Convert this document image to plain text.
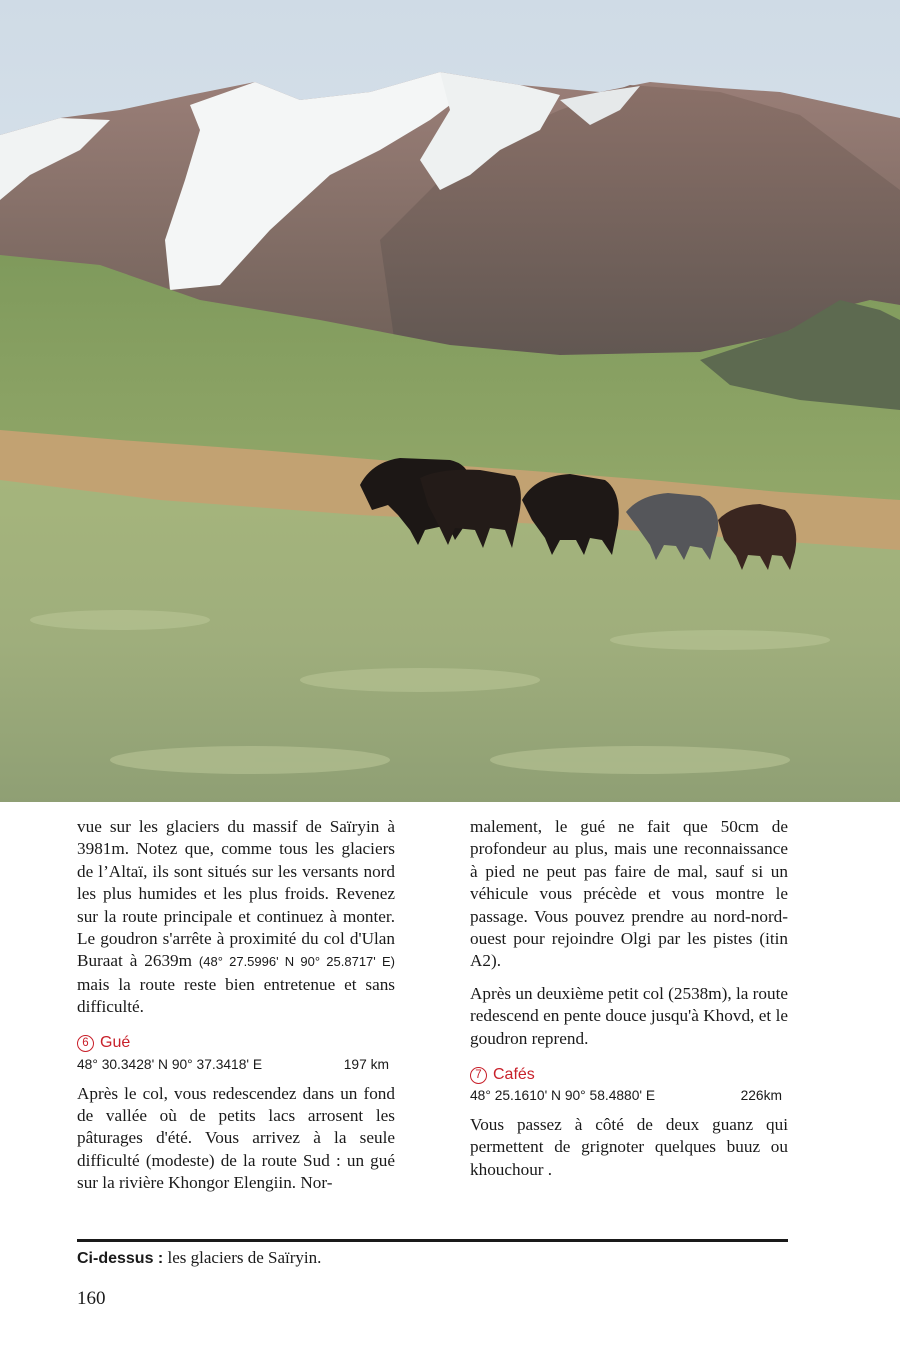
vue sur les glaciers du massif de Saïryin à 3981m. Notez que, comme tous les glaciers de l’Altaï, ils sont situés sur les versants nord les plus humides et les plus froids. Revenez sur la route principale et continuez à monter. Le goudron s'arrête à proximité du col d'Ulan Buraat à 2639m (48° 27.5996' N 90° 25.8717' E) mais la route reste bien entretenue et sans difficulté.

6 Gué
48° 30.3428' N 90° 37.3418' E	197 km

Après le col, vous redescendez dans un fond de vallée où de petits lacs arrosent les pâturages d'été. Vous arrivez à la seule difficulté (modeste) de la route Sud : un gué sur la rivière Khongor Elengiin. Nor-

malement, le gué ne fait que 50cm de profondeur au plus, mais une reconnaissance à pied ne peut pas faire de mal, sauf si un véhicule vous précède et vous montre le passage. Vous pouvez prendre au nord-nord-ouest pour rejoindre Olgi par les pistes (itin A2).

Après un deuxième petit col (2538m), la route redescend en pente douce jusqu'à Khovd, et le goudron reprend.

7 Cafés
48° 25.1610' N 90° 58.4880' E	226km

Vous passez à côté de deux guanz qui permettent de grignoter quelques buuz ou khouchour .

Ci-dessus : les glaciers de Saïryin.
160
